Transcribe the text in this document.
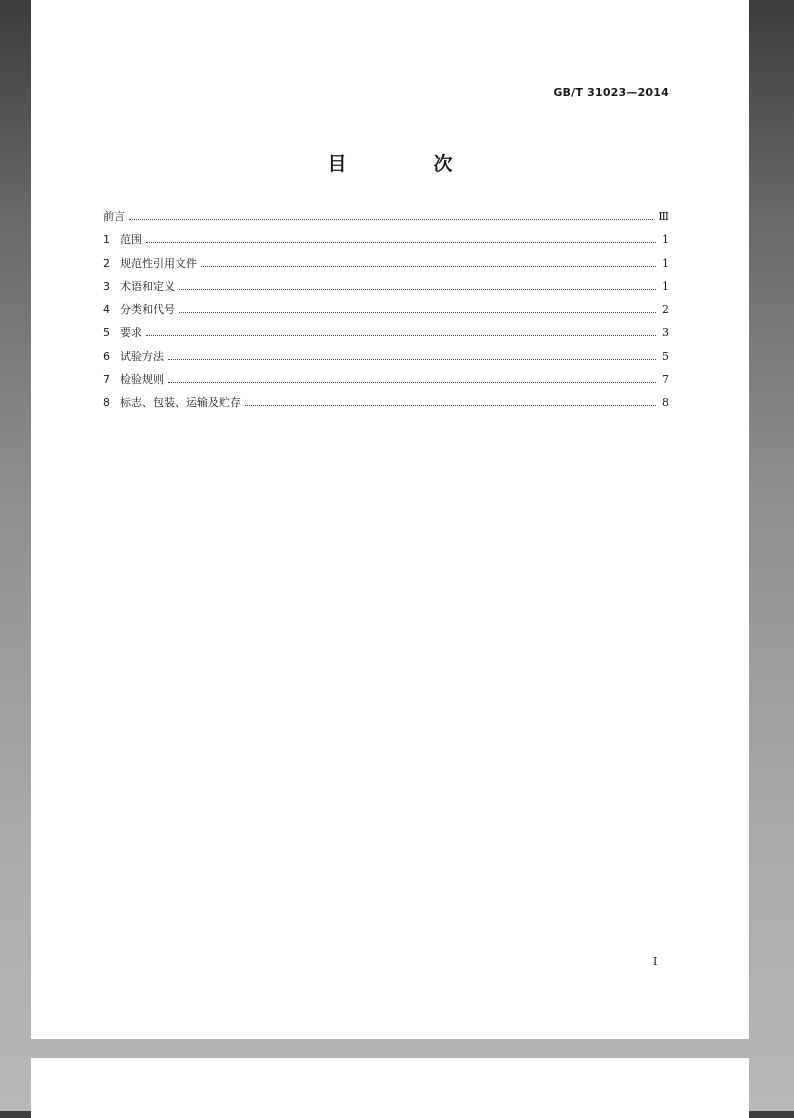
GB/T 31023—2014
目　次
前言	Ⅲ
1 范围	1
2 规范性引用文件	1
3 术语和定义	1
4 分类和代号	2
5 要求	3
6 试验方法	5
7 检验规则	7
8 标志、包装、运输及贮存	8
Ⅰ
